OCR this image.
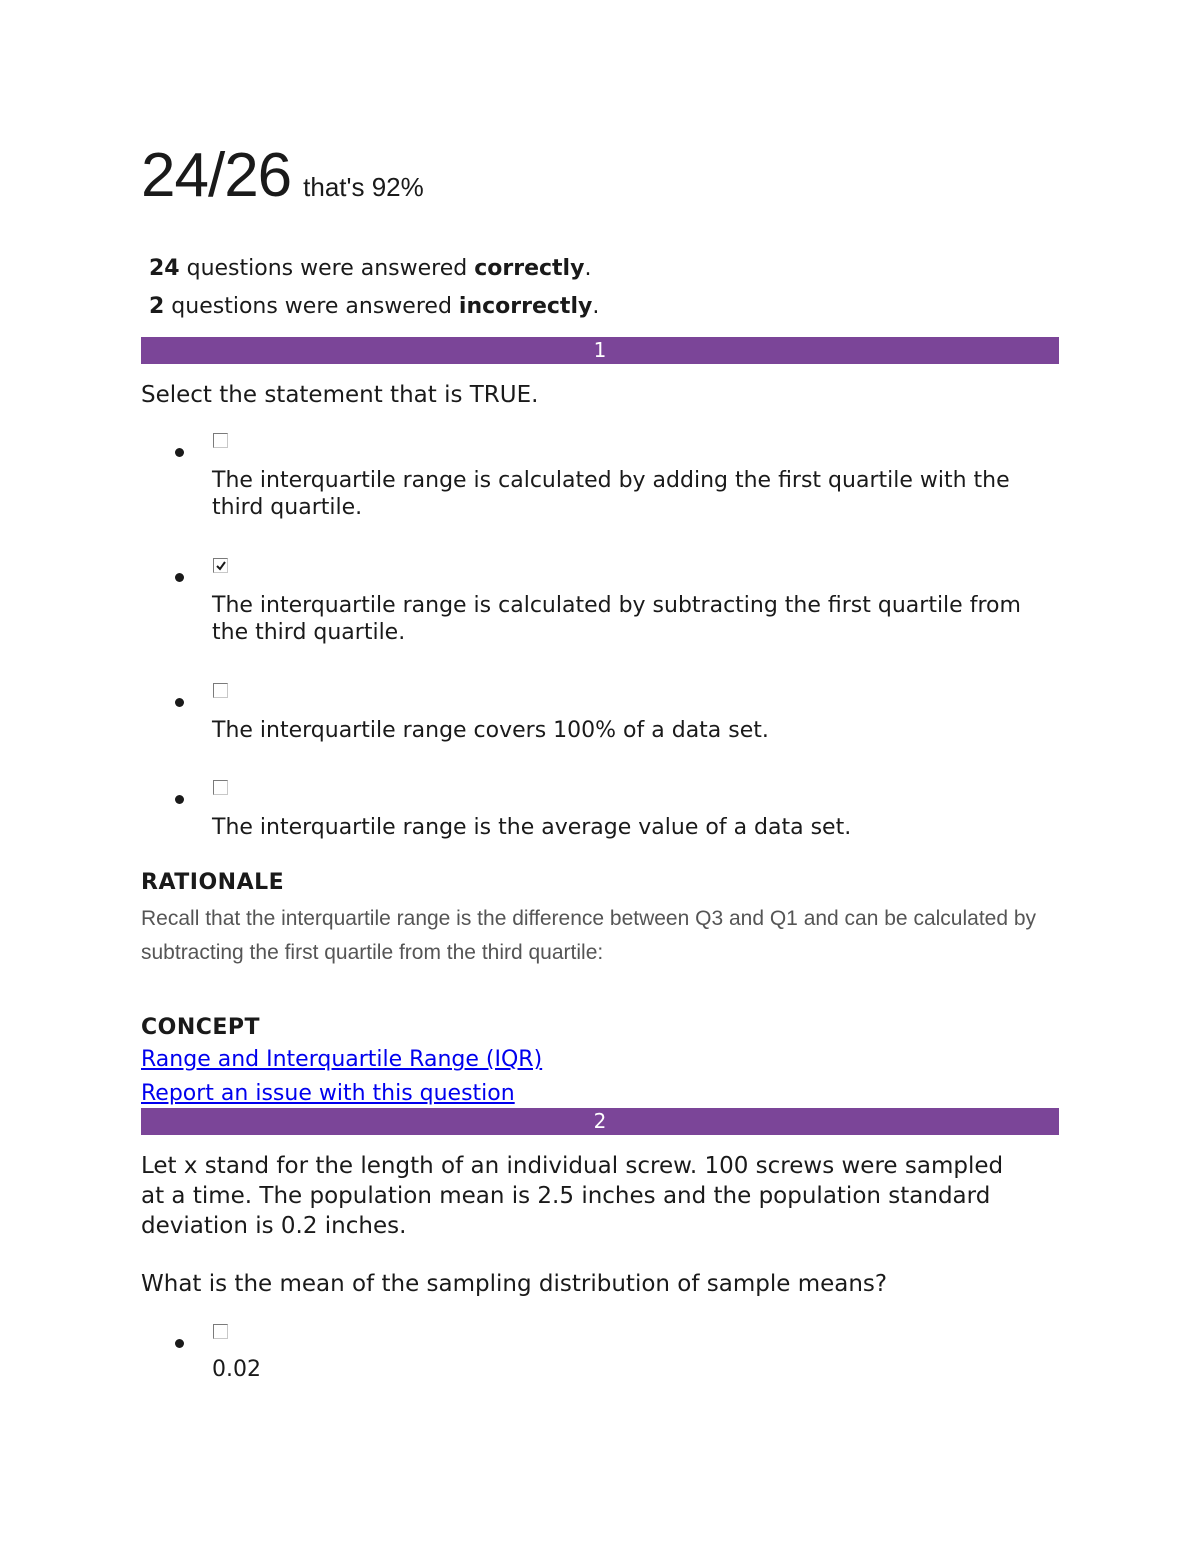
24/26 that's 92%
24 questions were answered correctly.
2 questions were answered incorrectly.
1
Select the statement that is TRUE.
The interquartile range is calculated by adding the first quartile with the third quartile.
The interquartile range is calculated by subtracting the first quartile from the third quartile.
The interquartile range covers 100% of a data set.
The interquartile range is the average value of a data set.
RATIONALE
Recall that the interquartile range is the difference between Q3 and Q1 and can be calculated by subtracting the first quartile from the third quartile:
CONCEPT
Range and Interquartile Range (IQR)
Report an issue with this question
2
Let x stand for the length of an individual screw. 100 screws were sampled at a time. The population mean is 2.5 inches and the population standard deviation is 0.2 inches.
What is the mean of the sampling distribution of sample means?
0.02
